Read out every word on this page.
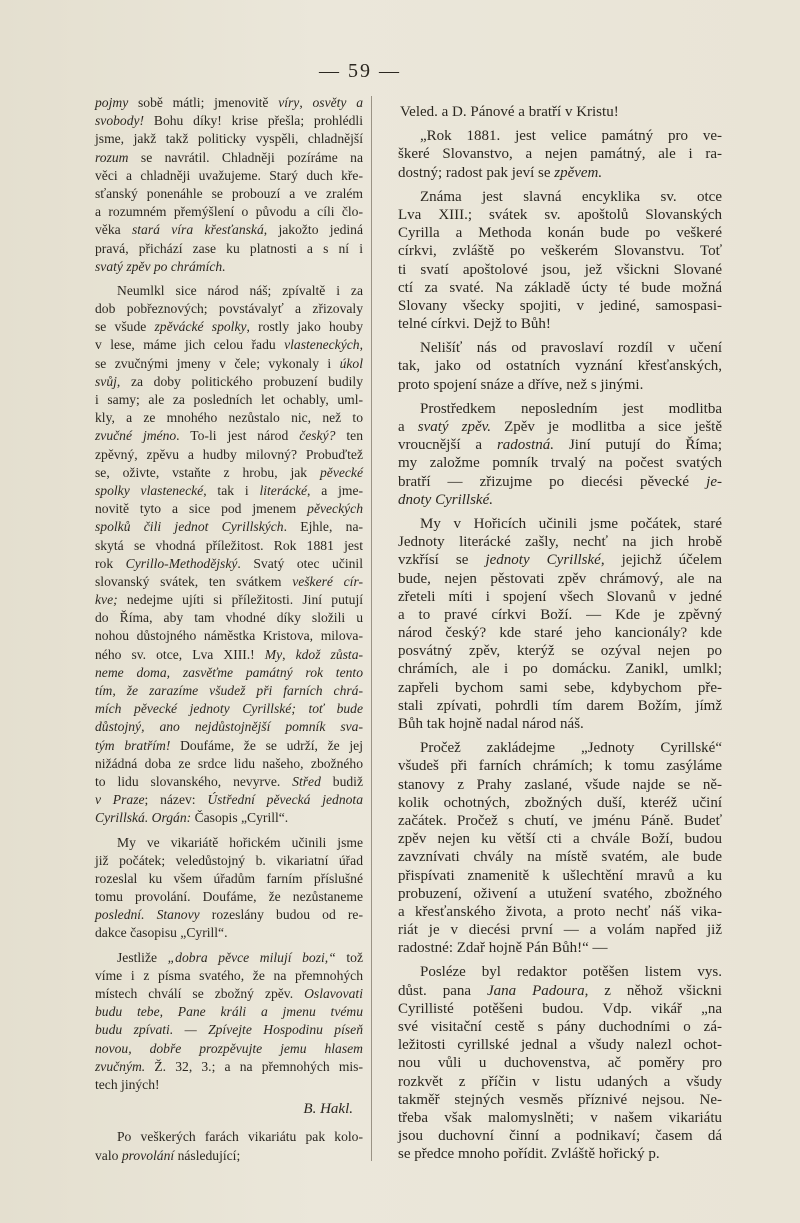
— 59 —
pojmy sobě mátli; jmenovitě víry, osvěty a
svobody! Bohu díky! krise přešla; prohlédli
jsme, jakž takž politicky vyspěli, chladnější
rozum se navrátil. Chladněji pozíráme na
věci a chladněji uvažujeme. Starý duch kře-
sťanský ponenáhle se probouzí a ve zralém
a rozumném přemýšlení o původu a cíli člo-
věka stará víra křesťanská, jakožto jediná
pravá, přichází zase ku platnosti a s ní i
svatý zpěv po chrámích.
Neumlkl sice národ náš; zpívaltě i za
dob pobřeznových; povstávalyť a zřizovaly
se všude zpěvácké spolky, rostly jako houby
v lese, máme jich celou řadu vlasteneckých,
se zvučnými jmeny v čele; vykonaly i úkol
svůj, za doby politického probuzení budily
i samy; ale za posledních let ochably, uml-
kly, a ze mnohého nezůstalo nic, než to
zvučné jméno. To-li jest národ český? ten
zpěvný, zpěvu a hudby milovný? Probuďtež
se, oživte, vstaňte z hrobu, jak pěvecké
spolky vlastenecké, tak i literácké, a jme-
novitě tyto a sice pod jmenem pěveckých
spolků čili jednot Cyrillských. Ejhle, na-
skytá se vhodná příležitost. Rok 1881 jest
rok Cyrillo-Methodějský. Svatý otec učinil
slovanský svátek, ten svátkem veškeré cír-
kve; nedejme ujíti si příležitosti. Jiní putují
do Říma, aby tam vhodné díky složili u
nohou důstojného náměstka Kristova, milova-
ného sv. otce, Lva XIII.! My, kdož zůsta-
neme doma, zasvěťme památný rok tento
tím, že zarazíme všudež při farních chrá-
mích pěvecké jednoty Cyrillské; toť bude
důstojný, ano nejdůstojnější pomník sva-
tým bratřím! Doufáme, že se udrží, že jej
nižádná doba ze srdce lidu našeho, zbožného
to lidu slovanského, nevyrve. Střed budiž
v Praze; název: Ústřední pěvecká jednota
Cyrillská. Orgán: Časopis „Cyrill“.
My ve vikariátě hořickém učinili jsme
již počátek; veledůstojný b. vikariatní úřad
rozeslal ku všem úřadům farním příslušné
tomu provolání. Doufáme, že nezůstaneme
poslední. Stanovy rozeslány budou od re-
dakce časopisu „Cyrill“.
Jestliže „dobra pěvce milují bozi,“ tož
víme i z písma svatého, že na přemnohých
místech chválí se zbožný zpěv. Oslavovati
budu tebe, Pane králi a jmenu tvému
budu zpívati. — Zpívejte Hospodinu píseň
novou, dobře prozpěvujte jemu hlasem
zvučným. Ž. 32, 3.; a na přemnohých mis-
tech jiných!
B. Hakl.
Po veškerých farách vikariátu pak kolo-
valo provolání následující;
Veled. a D. Pánové a bratří v Kristu!
„Rok 1881. jest velice památný pro ve-
škeré Slovanstvo, a nejen památný, ale i ra-
dostný; radost pak jeví se zpěvem.
Známa jest slavná encyklika sv. otce
Lva XIII.; svátek sv. apoštolů Slovanských
Cyrilla a Methoda konán bude po veškeré
církvi, zvláště po veškerém Slovanstvu. Toť
ti svatí apoštolové jsou, jež všickni Slované
ctí za svaté. Na základě úcty té bude možná
Slovany všecky spojiti, v jediné, samospasi-
telné církvi. Dejž to Bůh!
Nelišíť nás od pravoslaví rozdíl v učení
tak, jako od ostatních vyznání křesťanských,
proto spojení snáze a dříve, než s jinými.
Prostředkem neposledním jest modlitba
a svatý zpěv. Zpěv je modlitba a sice ještě
vroucnější a radostná. Jiní putují do Říma;
my založme pomník trvalý na počest svatých
bratří — zřizujme po diecési pěvecké je-
dnoty Cyrillské.
My v Hořicích učinili jsme počátek, staré
Jednoty literácké zašly, nechť na jich hrobě
vzkřísí se jednoty Cyrillské, jejichž účelem
bude, nejen pěstovati zpěv chrámový, ale na
zřeteli míti i spojení všech Slovanů v jedné
a to pravé církvi Boží. — Kde je zpěvný
národ český? kde staré jeho kancionály? kde
posvátný zpěv, kterýž se ozýval nejen po
chrámích, ale i po domácku. Zanikl, umlkl;
zapřeli bychom sami sebe, kdybychom pře-
stali zpívati, pohrdli tím darem Božím, jímž
Bůh tak hojně nadal národ náš.
Pročež zakládejme „Jednoty Cyrillské“
všudeš při farních chrámích; k tomu zasýláme
stanovy z Prahy zaslané, všude najde se ně-
kolik ochotných, zbožných duší, kteréž učiní
začátek. Pročež s chutí, ve jménu Páně. Budeť
zpěv nejen ku větší cti a chvále Boží, budou
zavznívati chvály na místě svatém, ale bude
přispívati znamenitě k ušlechtění mravů a ku
probuzení, oživení a utužení svatého, zbožného
a křesťanského života, a proto nechť náš vika-
riát je v diecési první — a volám napřed již
radostné: Zdař hojně Pán Bůh!“ —
Posléze byl redaktor potěšen listem vys.
důst. pana Jana Padoura, z něhož všickni
Cyrillisté potěšeni budou. Vdp. vikář „na
své visitační cestě s pány duchodními o zá-
ležitosti cyrillské jednal a všudy nalezl ochot-
nou vůli u duchovenstva, ač poměry pro
rozkvět z příčin v listu udaných a všudy
takměř stejných vesměs příznivé nejsou. Ne-
třeba však malomyslněti; v našem vikariátu
jsou duchovní činní a podnikaví; časem dá
se předce mnoho pořídit. Zvláště hořický p.
